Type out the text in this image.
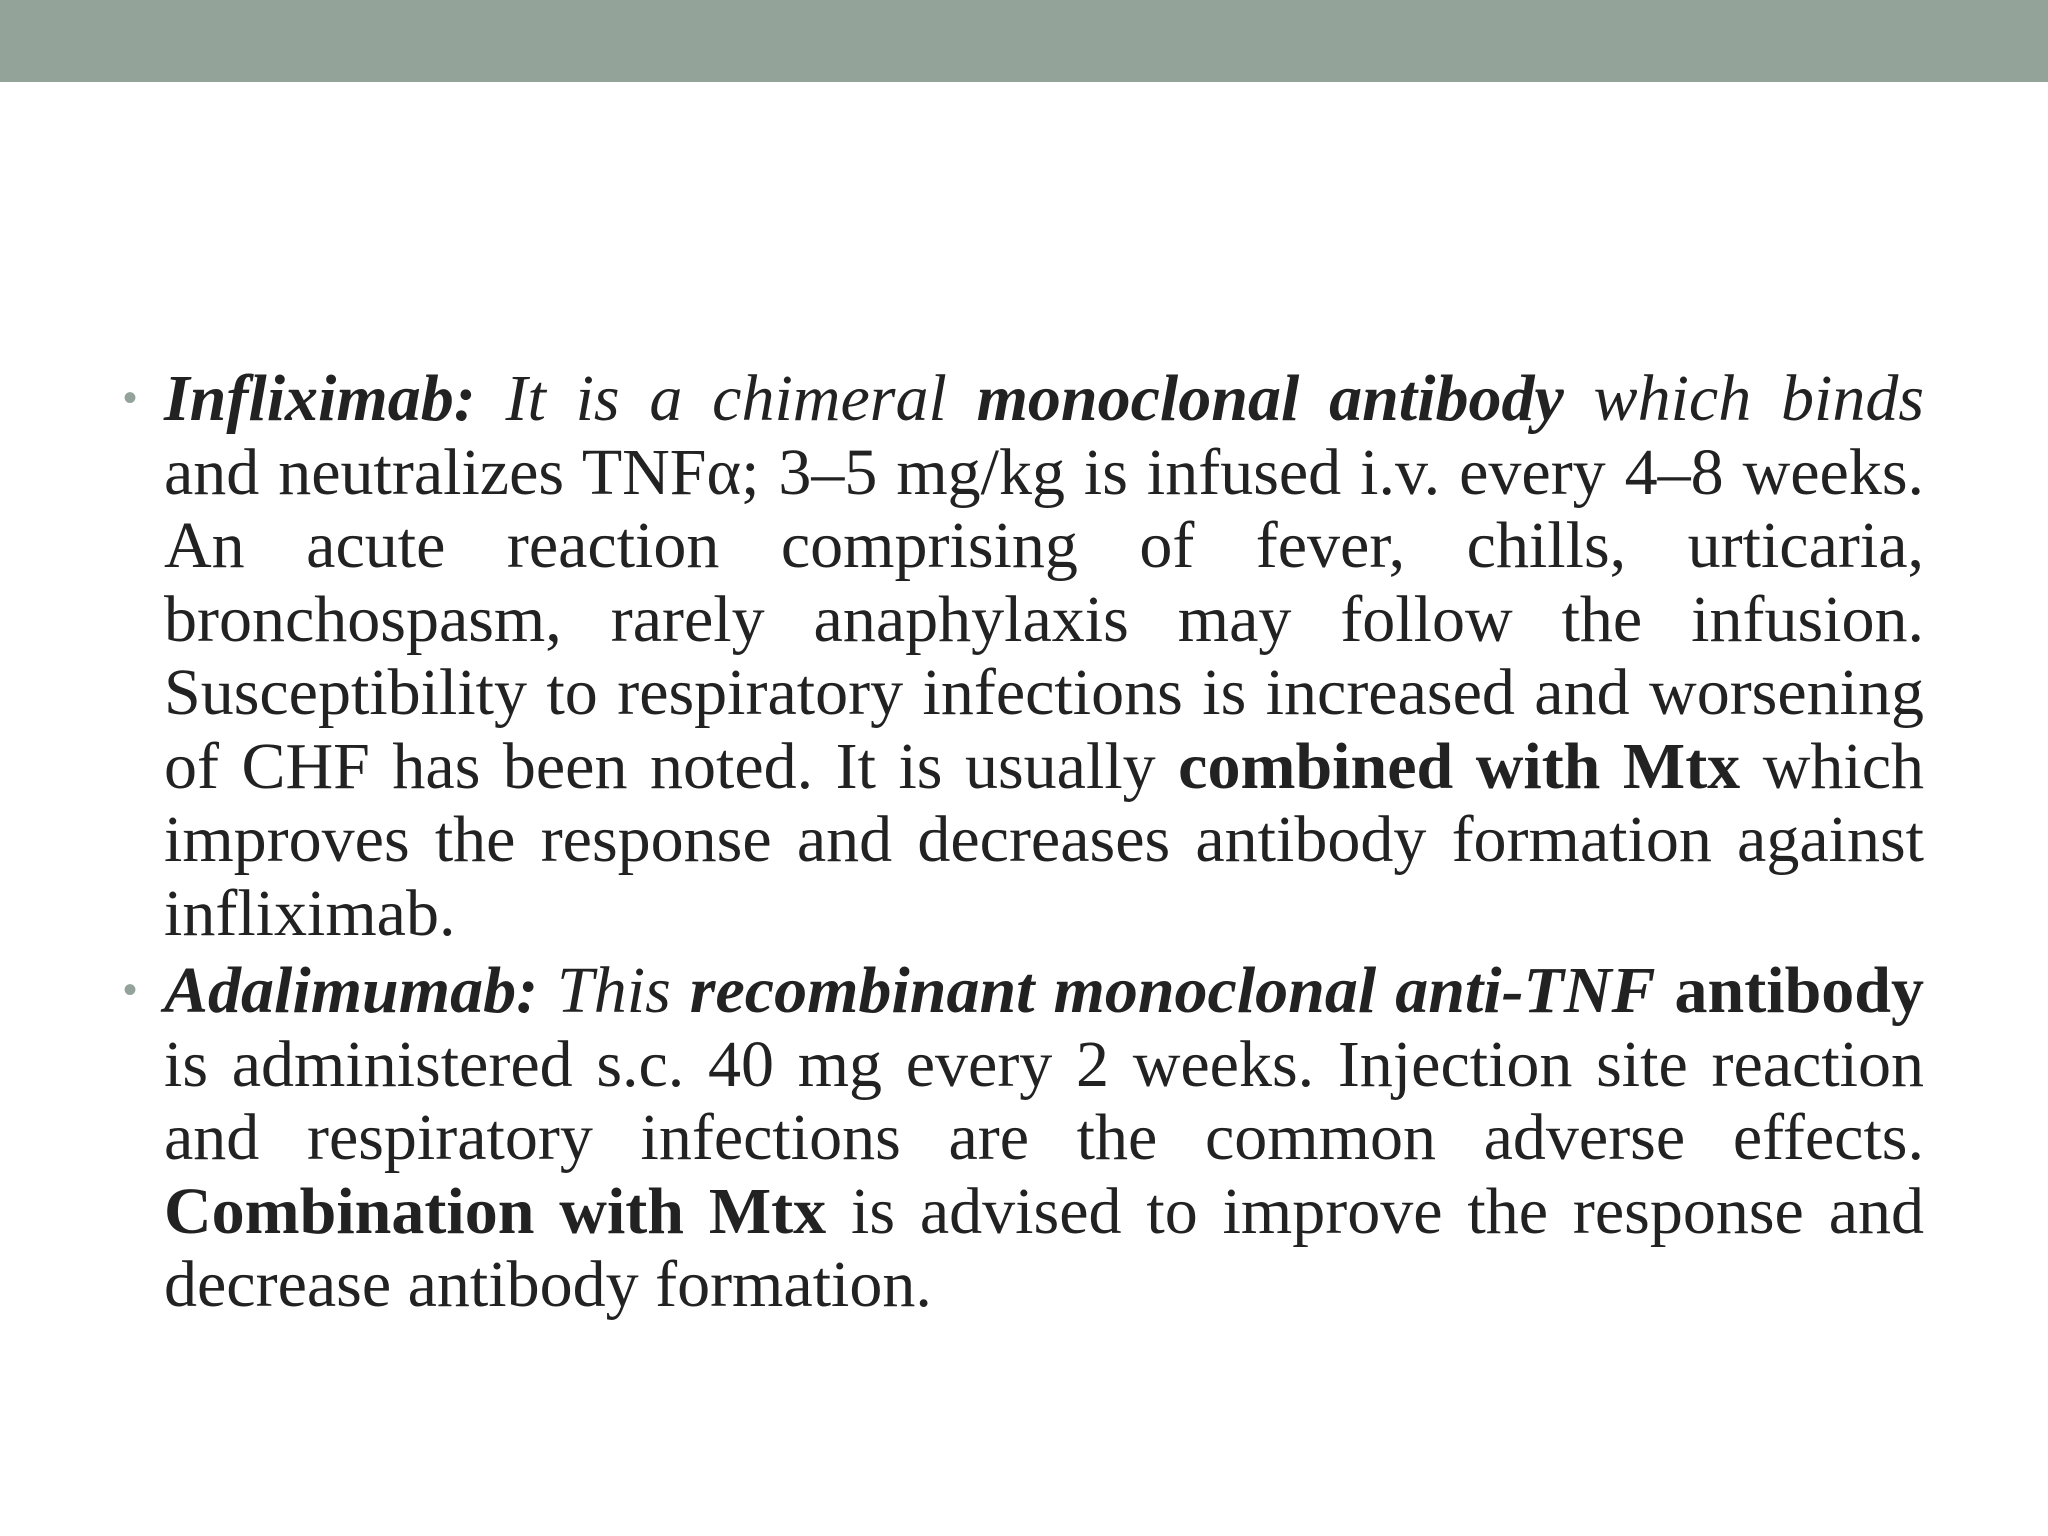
• Infliximab: It is a chimeral monoclonal antibody which binds and neutralizes TNFα; 3–5 mg/kg is infused i.v. every 4–8 weeks. An acute reaction comprising of fever, chills, urticaria, bronchospasm, rarely anaphylaxis may follow the infusion. Susceptibility to respiratory infections is increased and worsening of CHF has been noted. It is usually combined with Mtx which improves the response and decreases antibody formation against infliximab.
• Adalimumab: This recombinant monoclonal anti-TNF antibody is administered s.c. 40 mg every 2 weeks. Injection site reaction and respiratory infections are the common adverse effects. Combination with Mtx is advised to improve the response and decrease antibody formation.
